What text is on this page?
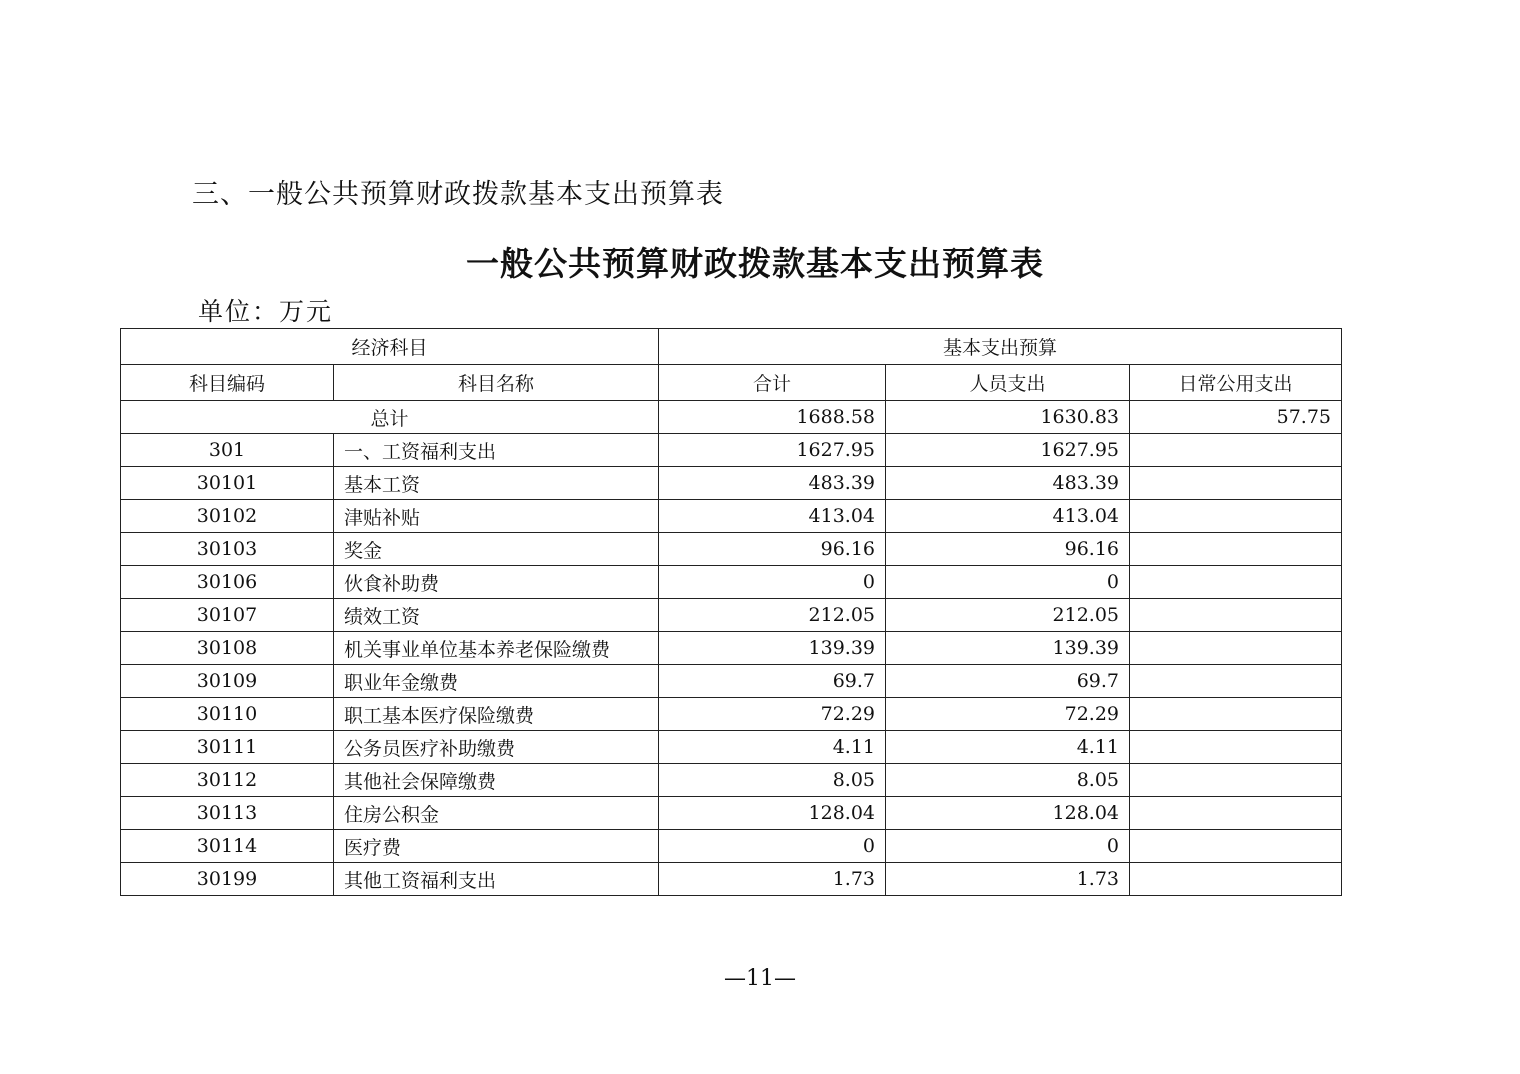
三、一般公共预算财政拨款基本支出预算表
一般公共预算财政拨款基本支出预算表
单位：万元
经济科目		基本支出预算		
科目编码	科目名称	合计	人员支出	日常公用支出
总计		1688.58	1630.83	57.75
301	一、工资福利支出	1627.95	1627.95	
30101	基本工资	483.39	483.39	
30102	津贴补贴	413.04	413.04	
30103	奖金	96.16	96.16	
30106	伙食补助费	0	0	
30107	绩效工资	212.05	212.05	
30108	机关事业单位基本养老保险缴费	139.39	139.39	
30109	职业年金缴费	69.7	69.7	
30110	职工基本医疗保险缴费	72.29	72.29	
30111	公务员医疗补助缴费	4.11	4.11	
30112	其他社会保障缴费	8.05	8.05	
30113	住房公积金	128.04	128.04	
30114	医疗费	0	0	
30199	其他工资福利支出	1.73	1.73	
—11—
